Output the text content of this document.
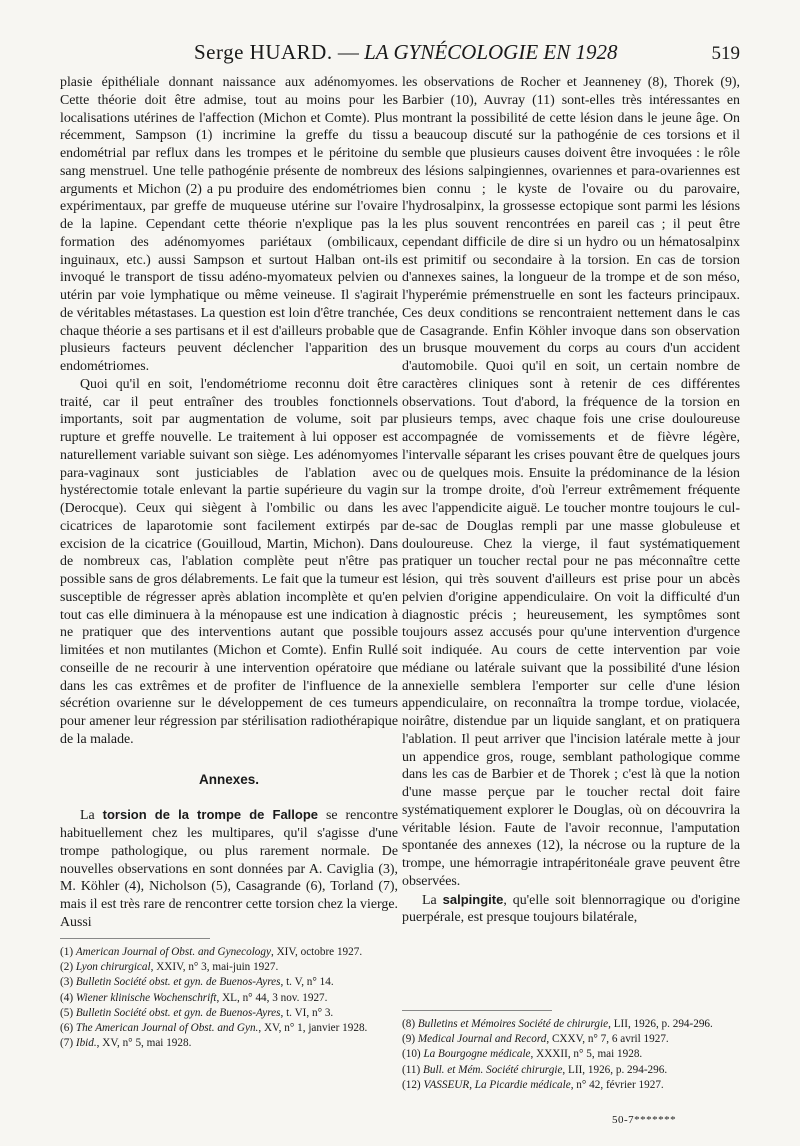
Serge HUARD. — LA GYNÉCOLOGIE EN 1928	519

plasie épithéliale donnant naissance aux adénomyomes. Cette théorie doit être admise, tout au moins pour les localisations utérines de l'affection (Michon et Comte). Plus récemment, Sampson (1) incrimine la greffe du tissu endométrial par reflux dans les trompes et le péritoine du sang menstruel. Une telle pathogénie présente de nombreux arguments et Michon (2) a pu produire des endométriomes expérimentaux, par greffe de muqueuse utérine sur l'ovaire de la lapine. Cependant cette théorie n'explique pas la formation des adénomyomes pariétaux (ombilicaux, inguinaux, etc.) aussi Sampson et surtout Halban ont-ils invoqué le transport de tissu adéno-myomateux pelvien ou utérin par voie lymphatique ou même veineuse. Il s'agirait de véritables métastases. La question est loin d'être tranchée, chaque théorie a ses partisans et il est d'ailleurs probable que plusieurs facteurs peuvent déclencher l'apparition des endométriomes.

Quoi qu'il en soit, l'endométriome reconnu doit être traité, car il peut entraîner des troubles fonctionnels importants, soit par augmentation de volume, soit par rupture et greffe nouvelle. Le traitement à lui opposer est naturellement variable suivant son siège. Les adénomyomes para-vaginaux sont justiciables de l'ablation avec hystérectomie totale enlevant la partie supérieure du vagin (Derocque). Ceux qui siègent à l'ombilic ou dans les cicatrices de laparotomie sont facilement extirpés par excision de la cicatrice (Gouilloud, Martin, Michon). Dans de nombreux cas, l'ablation complète peut n'être pas possible sans de gros délabrements. Le fait que la tumeur est susceptible de régresser après ablation incomplète et qu'en tout cas elle diminuera à la ménopause est une indication à ne pratiquer que des interventions autant que possible limitées et non mutilantes (Michon et Comte). Enfin Rullé conseille de ne recourir à une intervention opératoire que dans les cas extrêmes et de profiter de l'influence de la sécrétion ovarienne sur le développement de ces tumeurs pour amener leur régression par stérilisation radiothérapique de la malade.

Annexes.

La torsion de la trompe de Fallope se rencontre habituellement chez les multipares, qu'il s'agisse d'une trompe pathologique, ou plus rarement normale. De nouvelles observations en sont données par A. Caviglia (3), M. Köhler (4), Nicholson (5), Casagrande (6), Torland (7), mais il est très rare de rencontrer cette torsion chez la vierge. Aussi

les observations de Rocher et Jeanneney (8), Thorek (9), Barbier (10), Auvray (11) sont-elles très intéressantes en montrant la possibilité de cette lésion dans le jeune âge. On a beaucoup discuté sur la pathogénie de ces torsions et il semble que plusieurs causes doivent être invoquées : le rôle des lésions salpingiennes, ovariennes et para-ovariennes est bien connu ; le kyste de l'ovaire ou du parovaire, l'hydrosalpinx, la grossesse ectopique sont parmi les lésions les plus souvent rencontrées en pareil cas ; il peut être cependant difficile de dire si un hydro ou un hématosalpinx est primitif ou secondaire à la torsion. En cas de torsion d'annexes saines, la longueur de la trompe et de son méso, l'hyperémie prémenstruelle en sont les facteurs principaux. Ces deux conditions se rencontraient nettement dans le cas de Casagrande. Enfin Köhler invoque dans son observation un brusque mouvement du corps au cours d'un accident d'automobile. Quoi qu'il en soit, un certain nombre de caractères cliniques sont à retenir de ces différentes observations. Tout d'abord, la fréquence de la torsion en plusieurs temps, avec chaque fois une crise douloureuse accompagnée de vomissements et de fièvre légère, l'intervalle séparant les crises pouvant être de quelques jours ou de quelques mois. Ensuite la prédominance de la lésion sur la trompe droite, d'où l'erreur extrêmement fréquente avec l'appendicite aiguë. Le toucher montre toujours le cul-de-sac de Douglas rempli par une masse globuleuse et douloureuse. Chez la vierge, il faut systématiquement pratiquer un toucher rectal pour ne pas méconnaître cette lésion, qui très souvent d'ailleurs est prise pour un abcès pelvien d'origine appendiculaire. On voit la difficulté d'un diagnostic précis ; heureusement, les symptômes sont toujours assez accusés pour qu'une intervention d'urgence soit indiquée. Au cours de cette intervention par voie médiane ou latérale suivant que la possibilité d'une lésion annexielle semblera l'emporter sur celle d'une lésion appendiculaire, on reconnaîtra la trompe tordue, violacée, noirâtre, distendue par un liquide sanglant, et on pratiquera l'ablation. Il peut arriver que l'incision latérale mette à jour un appendice gros, rouge, semblant pathologique comme dans les cas de Barbier et de Thorek ; c'est là que la notion d'une masse perçue par le toucher rectal doit faire systématiquement explorer le Douglas, où on découvrira la véritable lésion. Faute de l'avoir reconnue, l'amputation spontanée des annexes (12), la nécrose ou la rupture de la trompe, une hémorragie intrapéritonéale grave peuvent être observées.

La salpingite, qu'elle soit blennorragique ou d'origine puerpérale, est presque toujours bilatérale,

(1) American Journal of Obst. and Gynecology, XIV, octobre 1927.
(2) Lyon chirurgical, XXIV, n° 3, mai-juin 1927.
(3) Bulletin Société obst. et gyn. de Buenos-Ayres, t. V, n° 14.
(4) Wiener klinische Wochenschrift, XL, n° 44, 3 nov. 1927.
(5) Bulletin Société obst. et gyn. de Buenos-Ayres, t. VI, n° 3.
(6) The American Journal of Obst. and Gyn., XV, n° 1, janvier 1928.
(7) Ibid., XV, n° 5, mai 1928.
(8) Bulletins et Mémoires Société de chirurgie, LII, 1926, p. 294-296.
(9) Medical Journal and Record, CXXV, n° 7, 6 avril 1927.
(10) La Bourgogne médicale, XXXII, n° 5, mai 1928.
(11) Bull. et Mém. Société chirurgie, LII, 1926, p. 294-296.
(12) VASSEUR, La Picardie médicale, n° 42, février 1927.
50-7*******
